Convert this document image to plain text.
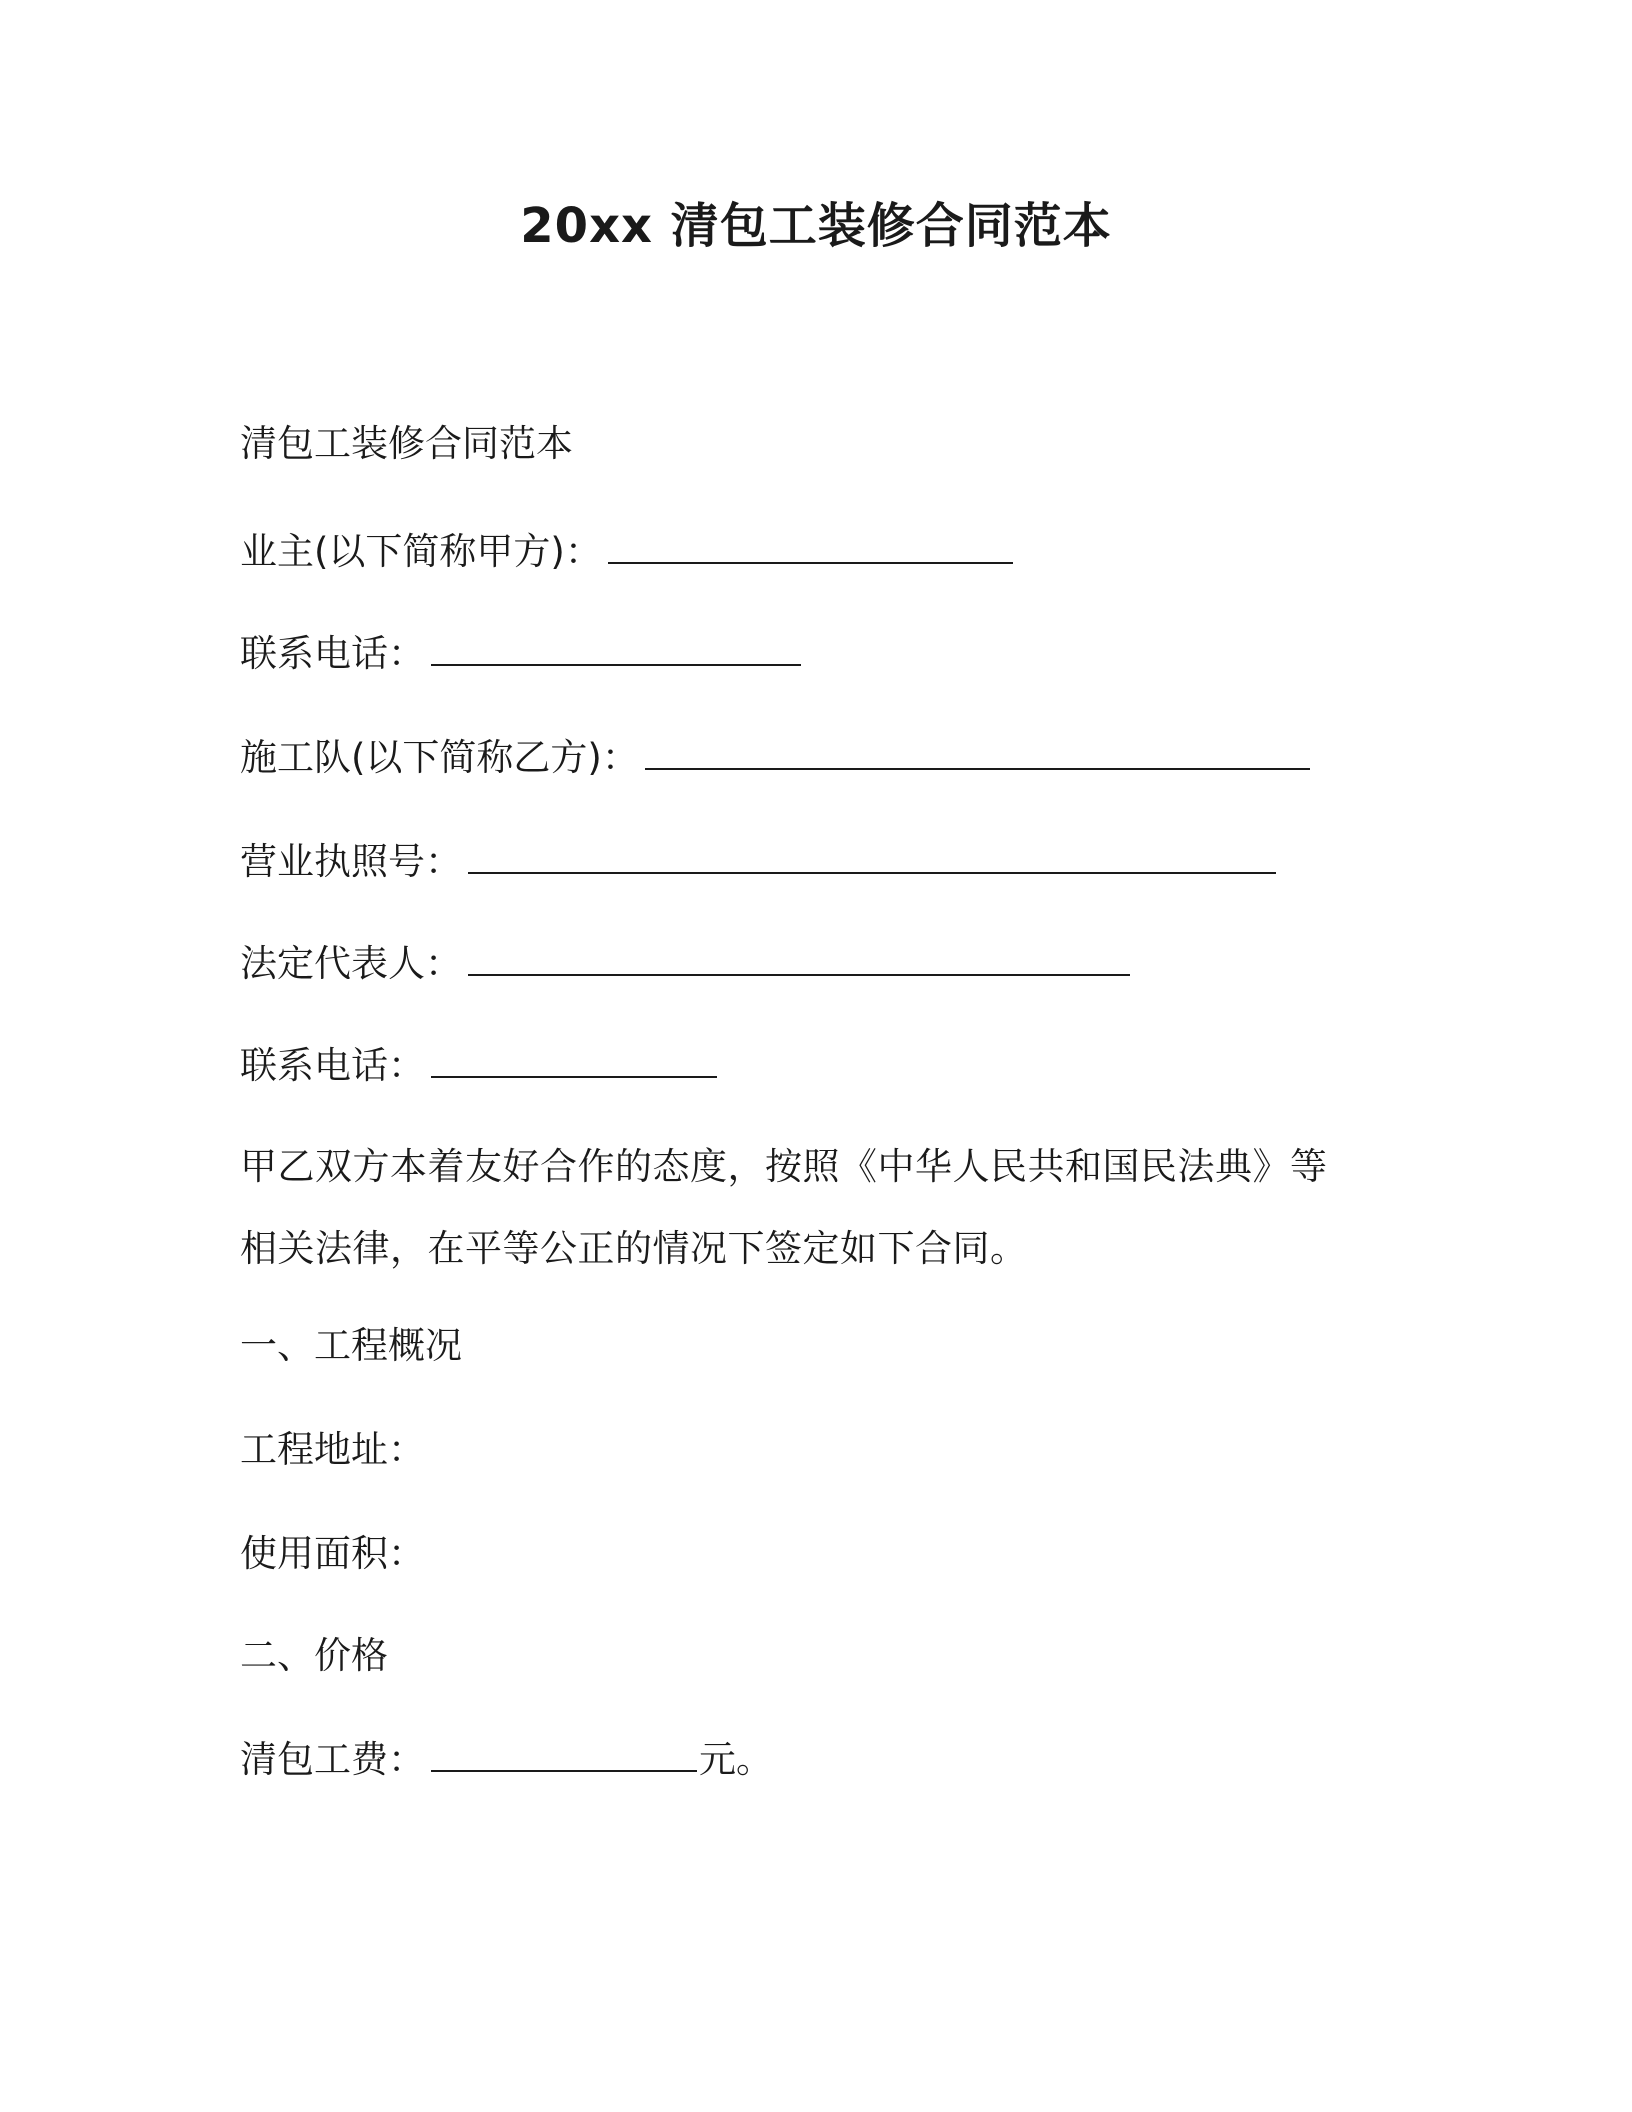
20xx 清包工装修合同范本
清包工装修合同范本
业主(以下简称甲方)：
联系电话：
施工队(以下简称乙方)：
营业执照号：
法定代表人：
联系电话：
甲乙双方本着友好合作的态度，按照《中华人民共和国民法典》等相关法律，在平等公正的情况下签定如下合同。
一、工程概况
工程地址：
使用面积：
二、价格
清包工费：	元。
